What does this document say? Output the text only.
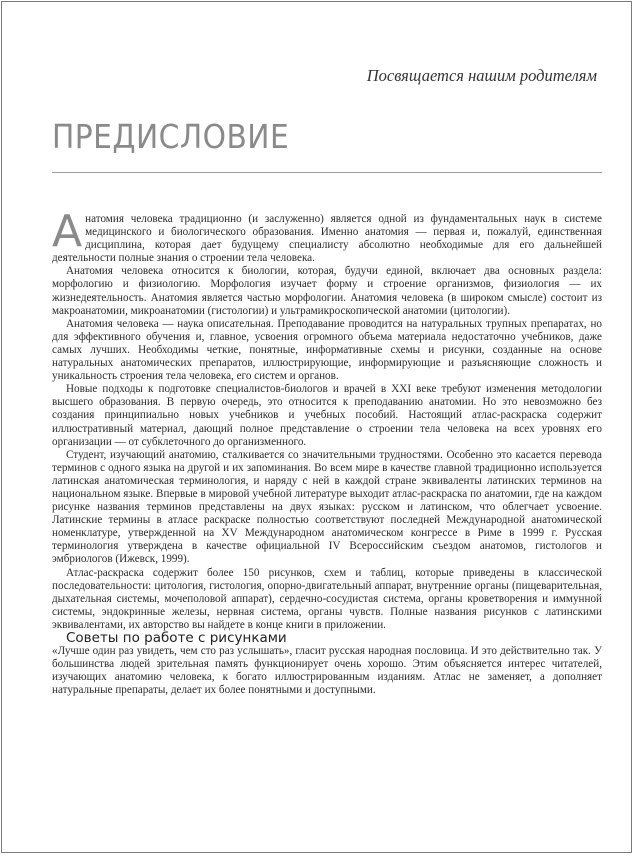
Посвящается нашим родителям
ПРЕДИСЛОВИЕ

Анатомия человека традиционно (и заслуженно) является одной из фундаментальных наук в системе медицинского и биологического образования. Именно анатомия — первая и, пожалуй, единственная дисциплина, которая дает будущему специалисту абсолютно необходимые для его дальнейшей деятельности полные знания о строении тела человека.

Анатомия человека относится к биологии, которая, будучи единой, включает два основных раздела: морфологию и физиологию. Морфология изучает форму и строение организмов, физиология — их жизнедеятельность. Анатомия является частью морфологии. Анатомия человека (в широком смысле) состоит из макроанатомии, микроанатомии (гистологии) и ультрамикроскопической анатомии (цитологии).

Анатомия человека — наука описательная. Преподавание проводится на натуральных трупных препаратах, но для эффективного обучения и, главное, усвоения огромного объема материала недостаточно учебников, даже самых лучших. Необходимы четкие, понятные, информативные схемы и рисунки, созданные на основе натуральных анатомических препаратов, иллюстрирующие, информирующие и разъясняющие сложность и уникальность строения тела человека, его систем и органов.

Новые подходы к подготовке специалистов-биологов и врачей в XXI веке требуют изменения методологии высшего образования. В первую очередь, это относится к преподаванию анатомии. Но это невозможно без создания принципиально новых учебников и учебных пособий. Настоящий атлас-раскраска содержит иллюстративный материал, дающий полное представление о строении тела человека на всех уровнях его организации — от субклеточного до организменного.

Студент, изучающий анатомию, сталкивается со значительными трудностями. Особенно это касается перевода терминов с одного языка на другой и их запоминания. Во всем мире в качестве главной традиционно используется латинская анатомическая терминология, и наряду с ней в каждой стране эквиваленты латинских терминов на национальном языке. Впервые в мировой учебной литературе выходит атлас-раскраска по анатомии, где на каждом рисунке названия терминов представлены на двух языках: русском и латинском, что облегчает усвоение. Латинские термины в атласе раскраске полностью соответствуют последней Международной анатомической номенклатуре, утвержденной на XV Международном анатомическом конгрессе в Риме в 1999 г. Русская терминология утверждена в качестве официальной IV Всероссийским съездом анатомов, гистологов и эмбриологов (Ижевск, 1999).

Атлас-раскраска содержит более 150 рисунков, схем и таблиц, которые приведены в классической последовательности: цитология, гистология, опорно-двигательный аппарат, внутренние органы (пищеварительная, дыхательная системы, мочеполовой аппарат), сердечно-сосудистая система, органы кроветворения и иммунной системы, эндокринные железы, нервная система, органы чувств. Полные названия рисунков с латинскими эквивалентами, их авторство вы найдете в конце книги в приложении.

Советы по работе с рисунками

«Лучше один раз увидеть, чем сто раз услышать», гласит русская народная пословица. И это действительно так. У большинства людей зрительная память функционирует очень хорошо. Этим объясняется интерес читателей, изучающих анатомию человека, к богато иллюстрированным изданиям. Атлас не заменяет, а дополняет натуральные препараты, делает их более понятными и доступными.
